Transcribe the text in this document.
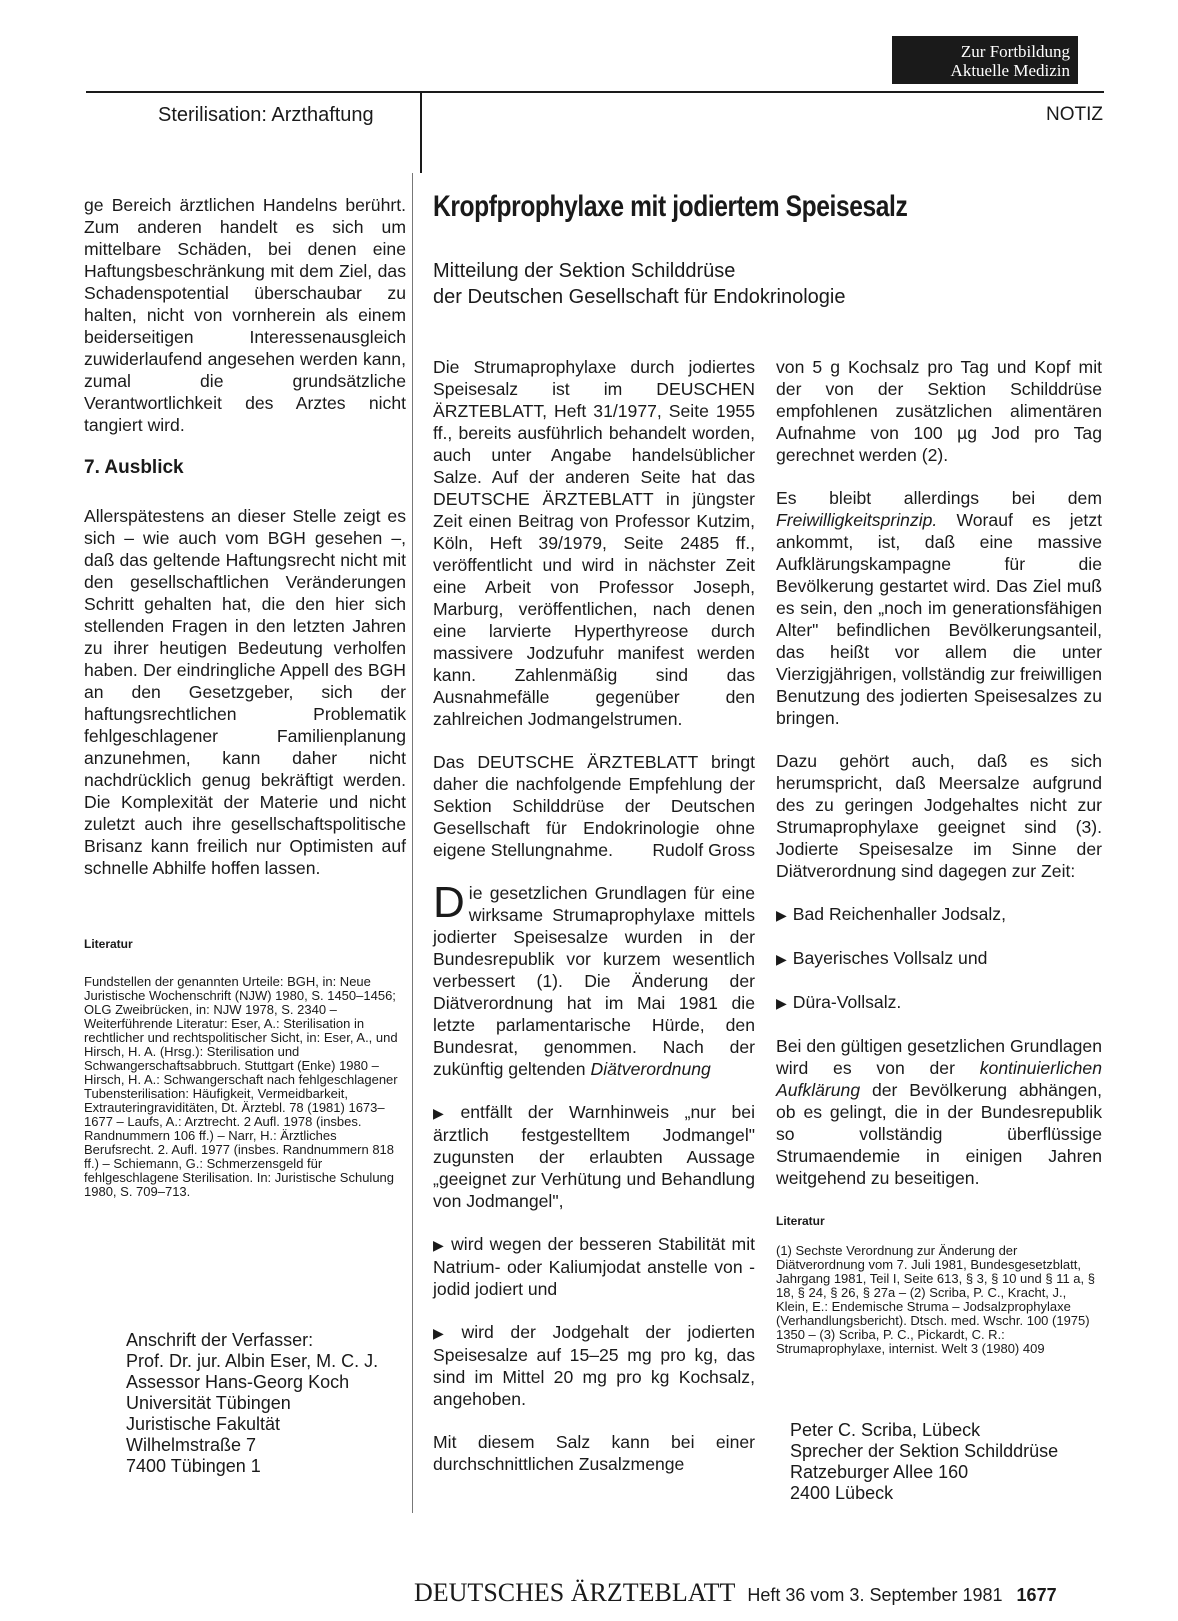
Zur Fortbildung
Aktuelle Medizin
Sterilisation: Arzthaftung	NOTIZ

ge Bereich ärztlichen Handelns berührt. Zum anderen handelt es sich um mittelbare Schäden, bei denen eine Haftungsbeschränkung mit dem Ziel, das Schadenspotential überschaubar zu halten, nicht von vornherein als einem beiderseitigen Interessenausgleich zuwiderlaufend angesehen werden kann, zumal die grundsätzliche Verantwortlichkeit des Arztes nicht tangiert wird.

7. Ausblick

Allerspätestens an dieser Stelle zeigt es sich – wie auch vom BGH gesehen –, daß das geltende Haftungsrecht nicht mit den gesellschaftlichen Veränderungen Schritt gehalten hat, die den hier sich stellenden Fragen in den letzten Jahren zu ihrer heutigen Bedeutung verholfen haben. Der eindringliche Appell des BGH an den Gesetzgeber, sich der haftungsrechtlichen Problematik fehlgeschlagener Familienplanung anzunehmen, kann daher nicht nachdrücklich genug bekräftigt werden. Die Komplexität der Materie und nicht zuletzt auch ihre gesellschaftspolitische Brisanz kann freilich nur Optimisten auf schnelle Abhilfe hoffen lassen.

Literatur
Fundstellen der genannten Urteile: BGH, in: Neue Juristische Wochenschrift (NJW) 1980, S. 1450–1456; OLG Zweibrücken, in: NJW 1978, S. 2340 – Weiterführende Literatur: Eser, A.: Sterilisation in rechtlicher und rechtspolitischer Sicht, in: Eser, A., und Hirsch, H. A. (Hrsg.): Sterilisation und Schwangerschaftsabbruch. Stuttgart (Enke) 1980 – Hirsch, H. A.: Schwangerschaft nach fehlgeschlagener Tubensterilisation: Häufigkeit, Vermeidbarkeit, Extrauteringraviditäten, Dt. Ärztebl. 78 (1981) 1673–1677 – Laufs, A.: Arztrecht. 2 Aufl. 1978 (insbes. Randnummern 106 ff.) – Narr, H.: Ärztliches Berufsrecht. 2. Aufl. 1977 (insbes. Randnummern 818 ff.) – Schiemann, G.: Schmerzensgeld für fehlgeschlagene Sterilisation. In: Juristische Schulung 1980, S. 709–713.
Anschrift der Verfasser:
Prof. Dr. jur. Albin Eser, M. C. J.
Assessor Hans-Georg Koch
Universität Tübingen
Juristische Fakultät
Wilhelmstraße 7
7400 Tübingen 1
Kropfprophylaxe mit jodiertem Speisesalz
Mitteilung der Sektion Schilddrüse
der Deutschen Gesellschaft für Endokrinologie

Die Strumaprophylaxe durch jodiertes Speisesalz ist im DEUSCHEN ÄRZTEBLATT, Heft 31/1977, Seite 1955 ff., bereits ausführlich behandelt worden, auch unter Angabe handelsüblicher Salze. Auf der anderen Seite hat das DEUTSCHE ÄRZTEBLATT in jüngster Zeit einen Beitrag von Professor Kutzim, Köln, Heft 39/1979, Seite 2485 ff., veröffentlicht und wird in nächster Zeit eine Arbeit von Professor Joseph, Marburg, veröffentlichen, nach denen eine larvierte Hyperthyreose durch massivere Jodzufuhr manifest werden kann. Zahlenmäßig sind das Ausnahmefälle gegenüber den zahlreichen Jodmangelstrumen.

Das DEUTSCHE ÄRZTEBLATT bringt daher die nachfolgende Empfehlung der Sektion Schilddrüse der Deutschen Gesellschaft für Endokrinologie ohne eigene Stellungnahme.	Rudolf Gross

Die gesetzlichen Grundlagen für eine wirksame Strumaprophylaxe mittels jodierter Speisesalze wurden in der Bundesrepublik vor kurzem wesentlich verbessert (1). Die Änderung der Diätverordnung hat im Mai 1981 die letzte parlamentarische Hürde, den Bundesrat, genommen. Nach der zukünftig geltenden Diätverordnung

▶ entfällt der Warnhinweis „nur bei ärztlich festgestelltem Jodmangel" zugunsten der erlaubten Aussage „geeignet zur Verhütung und Behandlung von Jodmangel",

▶ wird wegen der besseren Stabilität mit Natrium- oder Kaliumjodat anstelle von -jodid jodiert und

▶ wird der Jodgehalt der jodierten Speisesalze auf 15–25 mg pro kg, das sind im Mittel 20 mg pro kg Kochsalz, angehoben.

Mit diesem Salz kann bei einer durchschnittlichen Zusalzmenge

von 5 g Kochsalz pro Tag und Kopf mit der von der Sektion Schilddrüse empfohlenen zusätzlichen alimentären Aufnahme von 100 µg Jod pro Tag gerechnet werden (2).

Es bleibt allerdings bei dem Freiwilligkeitsprinzip. Worauf es jetzt ankommt, ist, daß eine massive Aufklärungskampagne für die Bevölkerung gestartet wird. Das Ziel muß es sein, den „noch im generationsfähigen Alter" befindlichen Bevölkerungsanteil, das heißt vor allem die unter Vierzigjährigen, vollständig zur freiwilligen Benutzung des jodierten Speisesalzes zu bringen.

Dazu gehört auch, daß es sich herumspricht, daß Meersalze aufgrund des zu geringen Jodgehaltes nicht zur Strumaprophylaxe geeignet sind (3). Jodierte Speisesalze im Sinne der Diätverordnung sind dagegen zur Zeit:

▶ Bad Reichenhaller Jodsalz,

▶ Bayerisches Vollsalz und

▶ Düra-Vollsalz.

Bei den gültigen gesetzlichen Grundlagen wird es von der kontinuierlichen Aufklärung der Bevölkerung abhängen, ob es gelingt, die in der Bundesrepublik so vollständig überflüssige Strumaendemie in einigen Jahren weitgehend zu beseitigen.

Literatur
(1) Sechste Verordnung zur Änderung der Diätverordnung vom 7. Juli 1981, Bundesgesetzblatt, Jahrgang 1981, Teil I, Seite 613, § 3, § 10 und § 11 a, § 18, § 24, § 26, § 27a – (2) Scriba, P. C., Kracht, J., Klein, E.: Endemische Struma – Jodsalzprophylaxe (Verhandlungsbericht). Dtsch. med. Wschr. 100 (1975) 1350 – (3) Scriba, P. C., Pickardt, C. R.: Strumaprophylaxe, internist. Welt 3 (1980) 409
Peter C. Scriba, Lübeck
Sprecher der Sektion Schilddrüse
Ratzeburger Allee 160
2400 Lübeck
DEUTSCHES ÄRZTEBLATT Heft 36 vom 3. September 1981 1677
